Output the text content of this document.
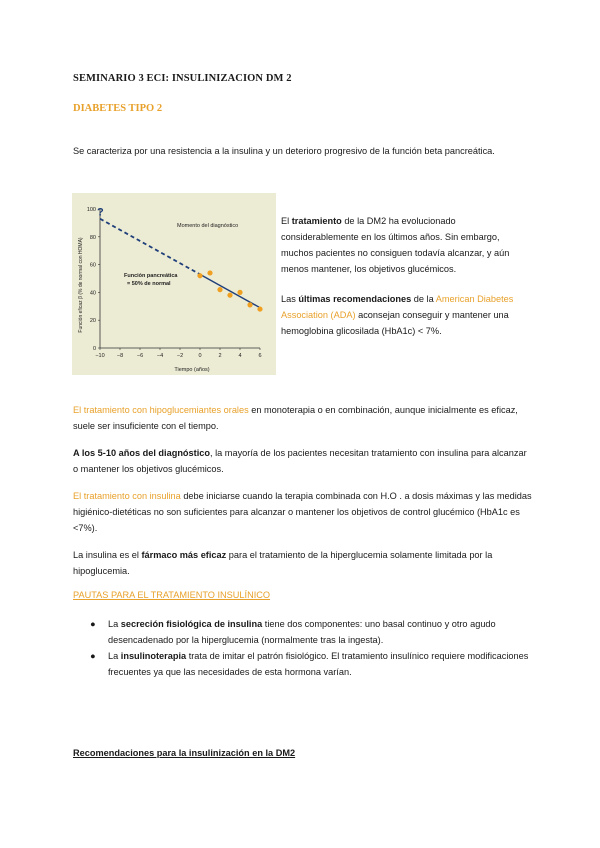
SEMINARIO 3 ECI: INSULINIZACION DM 2
DIABETES TIPO 2
Se caracteriza por una resistencia a la insulina y un deterioro progresivo de la función beta pancreática.
0
20
40
60
80
100
−10 −8 −6 −4 −2	0	2	4	6
?
Momento del diagnóstico
Función pancreática
= 50% de normal
Tiempo (años)
Función eficaz β (% de normal con HOMA)
El tratamiento de la DM2 ha evolucionado considerablemente en los últimos años. Sin embargo, muchos pacientes no consiguen todavía alcanzar, y aún menos mantener, los objetivos glucémicos.
Las últimas recomendaciones de la American Diabetes Association (ADA) aconsejan conseguir y mantener una hemoglobina glicosilada (HbA1c) < 7%.
El tratamiento con hipoglucemiantes orales en monoterapia o en combinación, aunque inicialmente es eficaz, suele ser insuficiente con el tiempo.
A los 5-10 años del diagnóstico, la mayoría de los pacientes necesitan tratamiento con insulina para alcanzar o mantener los objetivos glucémicos.
El tratamiento con insulina debe iniciarse cuando la terapia combinada con H.O . a dosis máximas y las medidas higiénico-dietéticas no son suficientes para alcanzar o mantener los objetivos de control glucémico (HbA1c es <7%).
La insulina es el fármaco más eficaz para el tratamiento de la hiperglucemia solamente limitada por la hipoglucemia.
PAUTAS PARA EL TRATAMIENTO INSULÍNICO
● La secreción fisiológica de insulina tiene dos componentes: uno basal continuo y otro agudo desencadenado por la hiperglucemia (normalmente tras la ingesta).
● La insulinoterapia trata de imitar el patrón fisiológico. El tratamiento insulínico requiere modificaciones frecuentes ya que las necesidades de esta hormona varían.
Recomendaciones para la insulinización en la DM2
